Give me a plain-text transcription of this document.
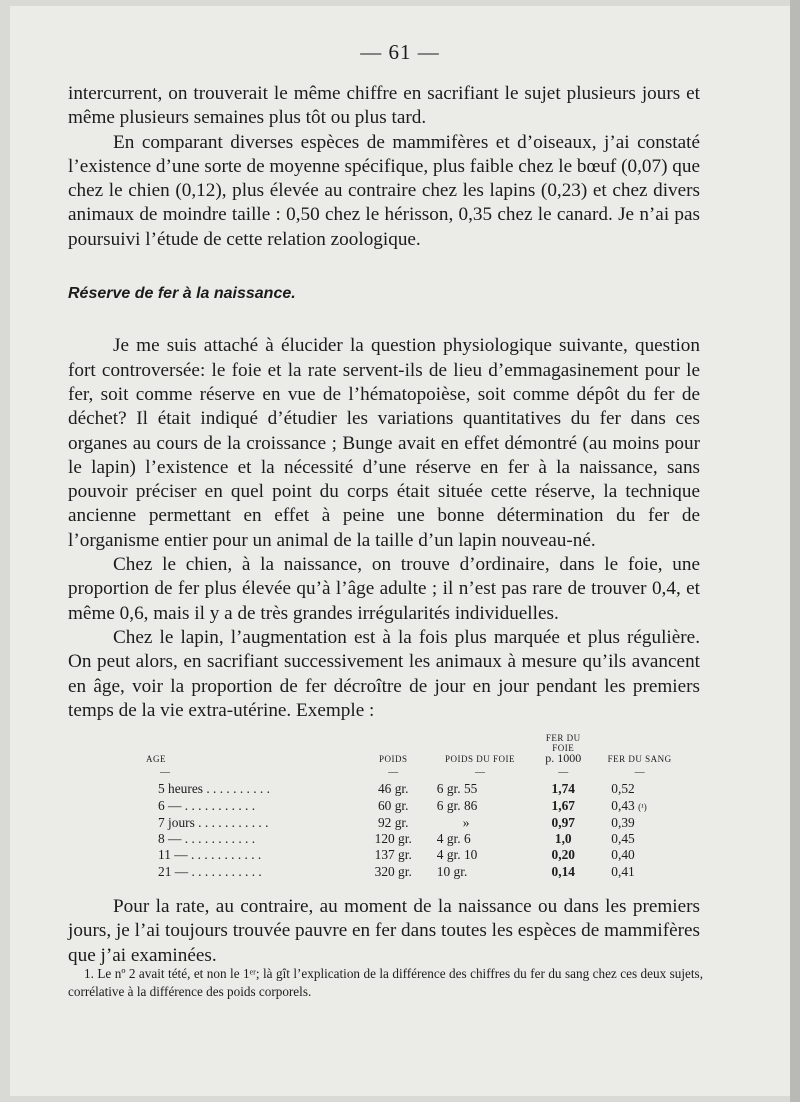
— 61 —

intercurrent, on trouverait le même chiffre en sacrifiant le sujet plusieurs jours et même plusieurs semaines plus tôt ou plus tard.

En comparant diverses espèces de mammifères et d’oiseaux, j’ai constaté l’existence d’une sorte de moyenne spécifique, plus faible chez le bœuf (0,07) que chez le chien (0,12), plus élevée au contraire chez les lapins (0,23) et chez divers animaux de moindre taille : 0,50 chez le hérisson, 0,35 chez le canard. Je n’ai pas poursuivi l’étude de cette relation zoologique.

Réserve de fer à la naissance.

Je me suis attaché à élucider la question physiologique suivante, question fort controversée: le foie et la rate servent-ils de lieu d’emmagasinement pour le fer, soit comme réserve en vue de l’hématopoièse, soit comme dépôt du fer de déchet? Il était indiqué d’étudier les variations quantitatives du fer dans ces organes au cours de la croissance ; Bunge avait en effet démontré (au moins pour le lapin) l’existence et la nécessité d’une réserve en fer à la naissance, sans pouvoir préciser en quel point du corps était située cette réserve, la technique ancienne permettant en effet à peine une bonne détermination du fer de l’organisme entier pour un animal de la taille d’un lapin nouveau-né.

Chez le chien, à la naissance, on trouve d’ordinaire, dans le foie, une proportion de fer plus élevée qu’à l’âge adulte ; il n’est pas rare de trouver 0,4, et même 0,6, mais il y a de très grandes irrégularités individuelles.

Chez le lapin, l’augmentation est à la fois plus marquée et plus régulière. On peut alors, en sacrifiant successivement les animaux à mesure qu’ils avancent en âge, voir la proportion de fer décroître de jour en jour pendant les premiers temps de la vie extra-utérine. Exemple :

AGE	POIDS	POIDS DU FOIE	FER DU FOIE
p. 1000	FER DU SANG
—	—	—	—	—
5 heures . . . . . . . . . .	46 gr.	6 gr. 55	1,74	0,52
6 — . . . . . . . . . . .	60 gr.	6 gr. 86	1,67	0,43 (¹)
7 jours . . . . . . . . . . .	92 gr.	»	0,97	0,39
8 — . . . . . . . . . . .	120 gr.	4 gr. 6	1,0	0,45
11 — . . . . . . . . . . .	137 gr.	4 gr. 10	0,20	0,40
21 — . . . . . . . . . . .	320 gr.	10 gr.	0,14	0,41

Pour la rate, au contraire, au moment de la naissance ou dans les premiers jours, je l’ai toujours trouvée pauvre en fer dans toutes les espèces de mammifères que j’ai examinées.

1. Le nº 2 avait tété, et non le 1ᵉʳ; là gît l’explication de la différence des chiffres du fer du sang chez ces deux sujets, corrélative à la différence des poids corporels.
